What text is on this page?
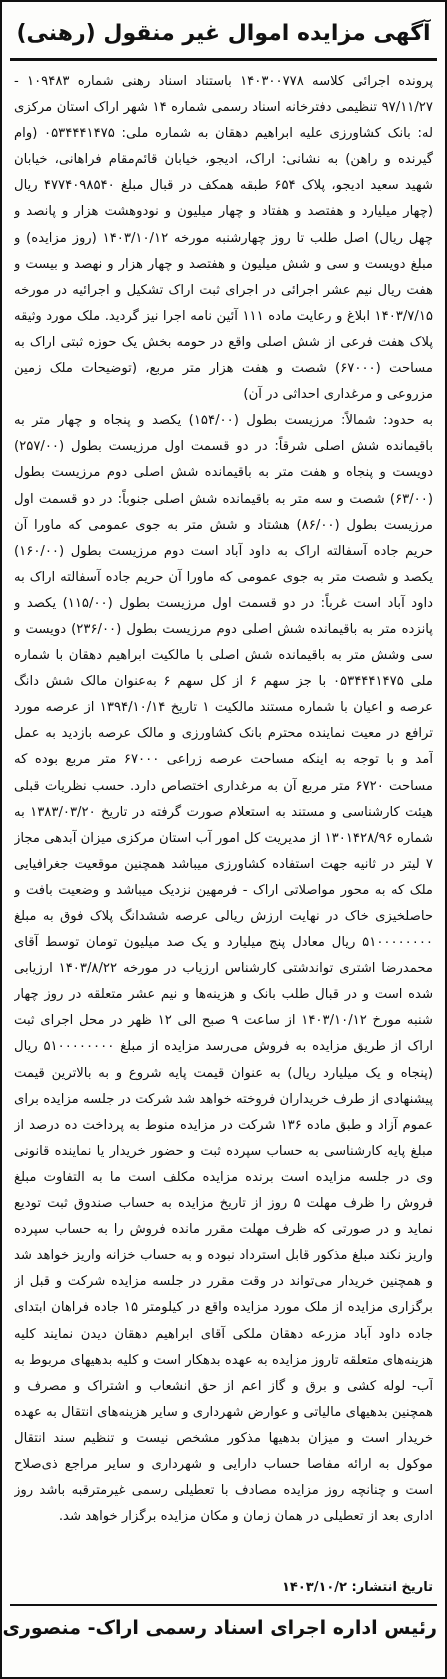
آگهی مزایده اموال غیر منقول (رهنی)

پرونده اجرائی کلاسه ۱۴۰۳۰۰۷۷۸ باستناد اسناد رهنی شماره ۱۰۹۴۸۳ - ۹۷/۱۱/۲۷ تنظیمی دفترخانه اسناد رسمی شماره ۱۴ شهر اراک استان مرکزی له: بانک کشاورزی علیه ابراهیم دهقان به شماره ملی: ۰۵۳۴۴۴۱۴۷۵ (وام گیرنده و راهن) به نشانی: اراک، ادیجو، خیابان قائم‌مقام فراهانی، خیابان شهید سعید ادیجو، پلاک ۶۵۴ طبقه همکف در قبال مبلغ ۴۷۷۴۰۹۸۵۴۰ ریال (چهار میلیارد و هفتصد و هفتاد و چهار میلیون و نودوهشت هزار و پانصد و چهل ریال) اصل طلب تا روز چهارشنبه مورخه ۱۴۰۳/۱۰/۱۲ (روز مزایده) و مبلغ دویست و سی و شش میلیون و هفتصد و چهار هزار و نهصد و بیست و هفت ریال نیم عشر اجرائی در اجرای ثبت اراک تشکیل و اجرائیه در مورخه ۱۴۰۳/۷/۱۵ ابلاغ و رعایت ماده ۱۱۱ آئین نامه اجرا نیز گردید. ملک مورد وثیقه پلاک هفت فرعی از شش اصلی واقع در حومه بخش یک حوزه ثبتی اراک به مساحت (۶۷۰۰۰) شصت و هفت هزار متر مربع، (توضیحات ملک زمین مزروعی و مرغداری احداثی در آن)

به حدود: شمالاً: مرزیست بطول (۱۵۴/۰۰) یکصد و پنجاه و چهار متر به باقیمانده شش اصلی شرقاً: در دو قسمت اول مرزیست بطول (۲۵۷/۰۰) دویست و پنجاه و هفت متر به باقیمانده شش اصلی دوم مرزیست بطول (۶۳/۰۰) شصت و سه متر به باقیمانده شش اصلی جنوباً: در دو قسمت اول مرزیست بطول (۸۶/۰۰) هشتاد و شش متر به جوی عمومی که ماورا آن حریم جاده آسفالته اراک به داود آباد است دوم مرزیست بطول (۱۶۰/۰۰) یکصد و شصت متر به جوی عمومی که ماورا آن حریم جاده آسفالته اراک به داود آباد است غرباً: در دو قسمت اول مرزیست بطول (۱۱۵/۰۰) یکصد و پانزده متر به باقیمانده شش اصلی دوم مرزیست بطول (۲۳۶/۰۰) دویست و سی وشش متر به باقیمانده شش اصلی با مالکیت ابراهیم دهقان با شماره ملی ۰۵۳۴۴۴۱۴۷۵ با جز سهم ۶ از کل سهم ۶ به‌عنوان مالک شش دانگ عرصه و اعیان با شماره مستند مالکیت ۱ تاریخ ۱۳۹۴/۱۰/۱۴ از عرصه مورد ترافع در معیت نماینده محترم بانک کشاورزی و مالک عرصه بازدید به عمل آمد و با توجه به اینکه مساحت عرصه زراعی ۶۷۰۰۰ متر مربع بوده که مساحت ۶۷۲۰ متر مربع آن به مرغداری اختصاص دارد. حسب نظریات قبلی هیئت کارشناسی و مستند به استعلام صورت گرفته در تاریخ ۱۳۸۳/۰۳/۲۰ به شماره ۱۳۰۱۴۲۸/۹۶ از مدیریت کل امور آب استان مرکزی میزان آبدهی مجاز ۷ لیتر در ثانیه جهت استفاده کشاورزی میباشد همچنین موقعیت جغرافیایی ملک که به محور مواصلاتی اراک - فرمهین نزدیک میباشد و وضعیت بافت و حاصلخیزی خاک در نهایت ارزش ریالی عرصه ششدانگ پلاک فوق به مبلغ ۵۱۰۰۰۰۰۰۰۰ ریال معادل پنج میلیارد و یک صد میلیون تومان توسط آقای محمدرضا اشتری تواندشتی کارشناس ارزیاب در مورخه ۱۴۰۳/۸/۲۲ ارزیابی شده است و در قبال طلب بانک و هزینه‌ها و نیم عشر متعلقه در روز چهار شنبه مورخ ۱۴۰۳/۱۰/۱۲ از ساعت ۹ صبح الی ۱۲ ظهر در محل اجرای ثبت اراک از طریق مزایده به فروش می‌رسد مزایده از مبلغ ۵۱۰۰۰۰۰۰۰۰ ریال (پنجاه و یک میلیارد ریال) به عنوان قیمت پایه شروع و به بالاترین قیمت پیشنهادی از طرف خریداران فروخته خواهد شد شرکت در جلسه مزایده برای عموم آزاد و طبق ماده ۱۳۶ شرکت در مزایده منوط به پرداخت ده درصد از مبلغ پایه کارشناسی به حساب سپرده ثبت و حضور خریدار یا نماینده قانونی وی در جلسه مزایده است برنده مزایده مکلف است ما به التفاوت مبلغ فروش را ظرف مهلت ۵ روز از تاریخ مزایده به حساب صندوق ثبت تودیع نماید و در صورتی که ظرف مهلت مقرر مانده فروش را به حساب سپرده واریز نکند مبلغ مذکور قابل استرداد نبوده و به حساب خزانه واریز خواهد شد و همچنین خریدار می‌تواند در وقت مقرر در جلسه مزایده شرکت و قبل از برگزاری مزایده از ملک مورد مزایده واقع در کیلومتر ۱۵ جاده فراهان ابتدای جاده داود آباد مزرعه دهقان ملکی آقای ابراهیم دهقان دیدن نمایند کلیه هزینه‌های متعلقه تاروز مزایده به عهده بدهکار است و کلیه بدهیهای مربوط به آب- لوله کشی و برق و گاز اعم از حق انشعاب و اشتراک و مصرف و همچنین بدهیهای مالیاتی و عوارض شهرداری و سایر هزینه‌های انتقال به عهده خریدار است و میزان بدهیها مذکور مشخص نیست و تنظیم سند انتقال موکول به ارائه مفاصا حساب دارایی و شهرداری و سایر مراجع ذی‌صلاح است و چنانچه روز مزایده مصادف با تعطیلی رسمی غیرمترقبه باشد روز اداری بعد از تعطیلی در همان زمان و مکان مزایده برگزار خواهد شد.

تاریخ انتشار: ۱۴۰۳/۱۰/۲
رئیس اداره اجرای اسناد رسمی اراک- منصوری
